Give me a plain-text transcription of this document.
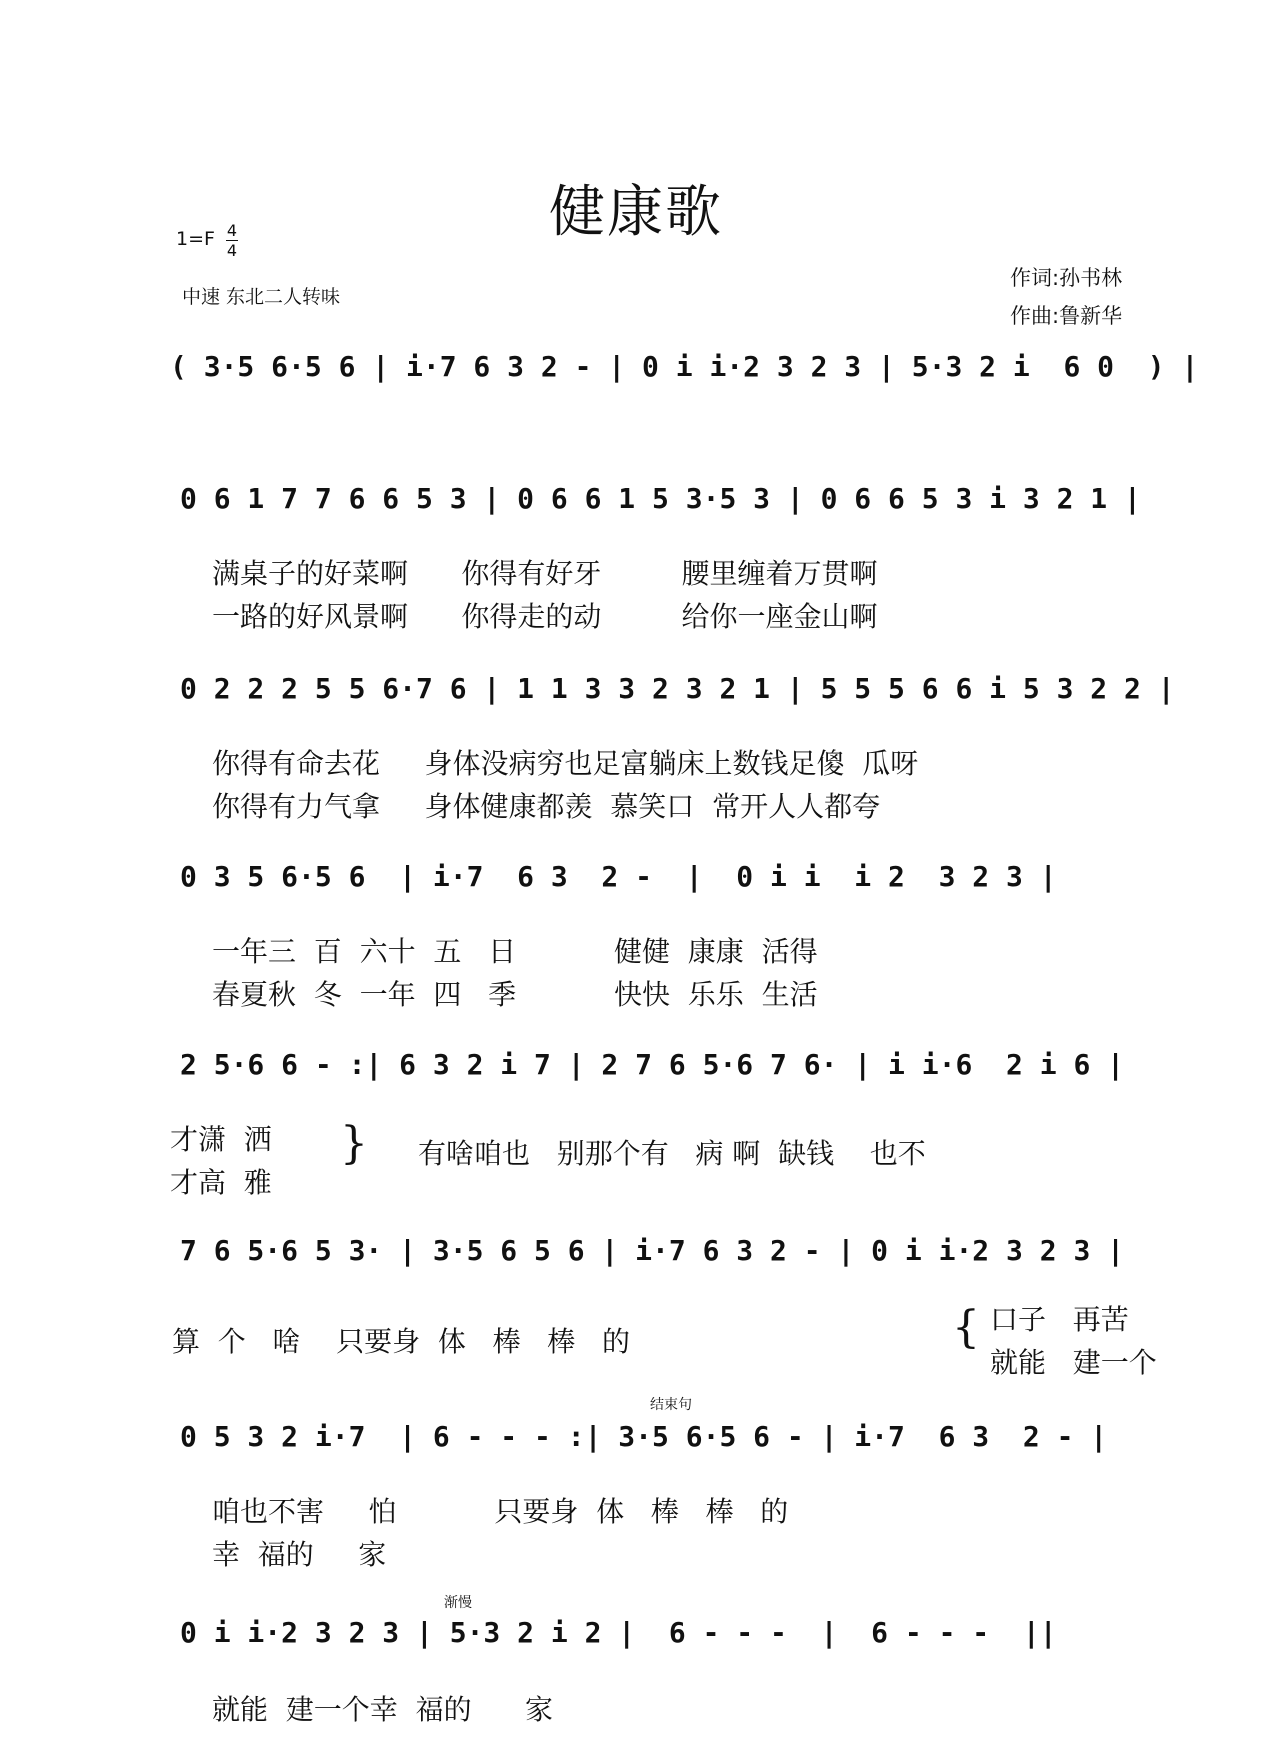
健康歌
1=F 4
4
中速 东北二人转味
作词:孙书林
作曲:鲁新华
( 3·5 6·5 6 | i·7 6 3 2 - | 0 i i·2 3 2 3 | 5·3 2 i  6 0  ) |
0 6 1 7 7 6 6 5 3 | 0 6 6 1 5 3·5 3 | 0 6 6 5 3 i 3 2 1 |
满桌子的好菜啊      你得有好牙         腰里缠着万贯啊
一路的好风景啊      你得走的动         给你一座金山啊
0 2 2 2 5 5 6·7 6 | 1 1 3 3 2 3 2 1 | 5 5 5 6 6 i 5 3 2 2 |
你得有命去花     身体没病穷也足富躺床上数钱足傻  瓜呀
你得有力气拿     身体健康都羡  慕笑口  常开人人都夸
0 3 5 6·5 6  | i·7  6 3  2 -  |  0 i i  i 2  3 2 3 |
一年三  百  六十  五   日           健健  康康  活得
春夏秋  冬  一年  四   季           快快  乐乐  生活
2 5·6 6 - :| 6 3 2 i 7 | 2 7 6 5·6 7 6· | i i·6  2 i 6 |
才潇  洒
才高  雅
} 有啥咱也   别那个有   病 啊  缺钱    也不
7 6 5·6 5 3· | 3·5 6 5 6 | i·7 6 3 2 - | 0 i i·2 3 2 3 |
算  个   啥    只要身  体   棒   棒   的	{ 口子   再苦
就能   建一个
结束句
0 5 3 2 i·7  | 6 - - - :| 3·5 6·5 6 - | i·7  6 3  2 - |
咱也不害     怕           只要身  体   棒   棒   的
幸  福的     家
渐慢
0 i i·2 3 2 3 | 5·3 2 i 2 |  6 - - -  |  6 - - -  ||
就能  建一个幸  福的      家
